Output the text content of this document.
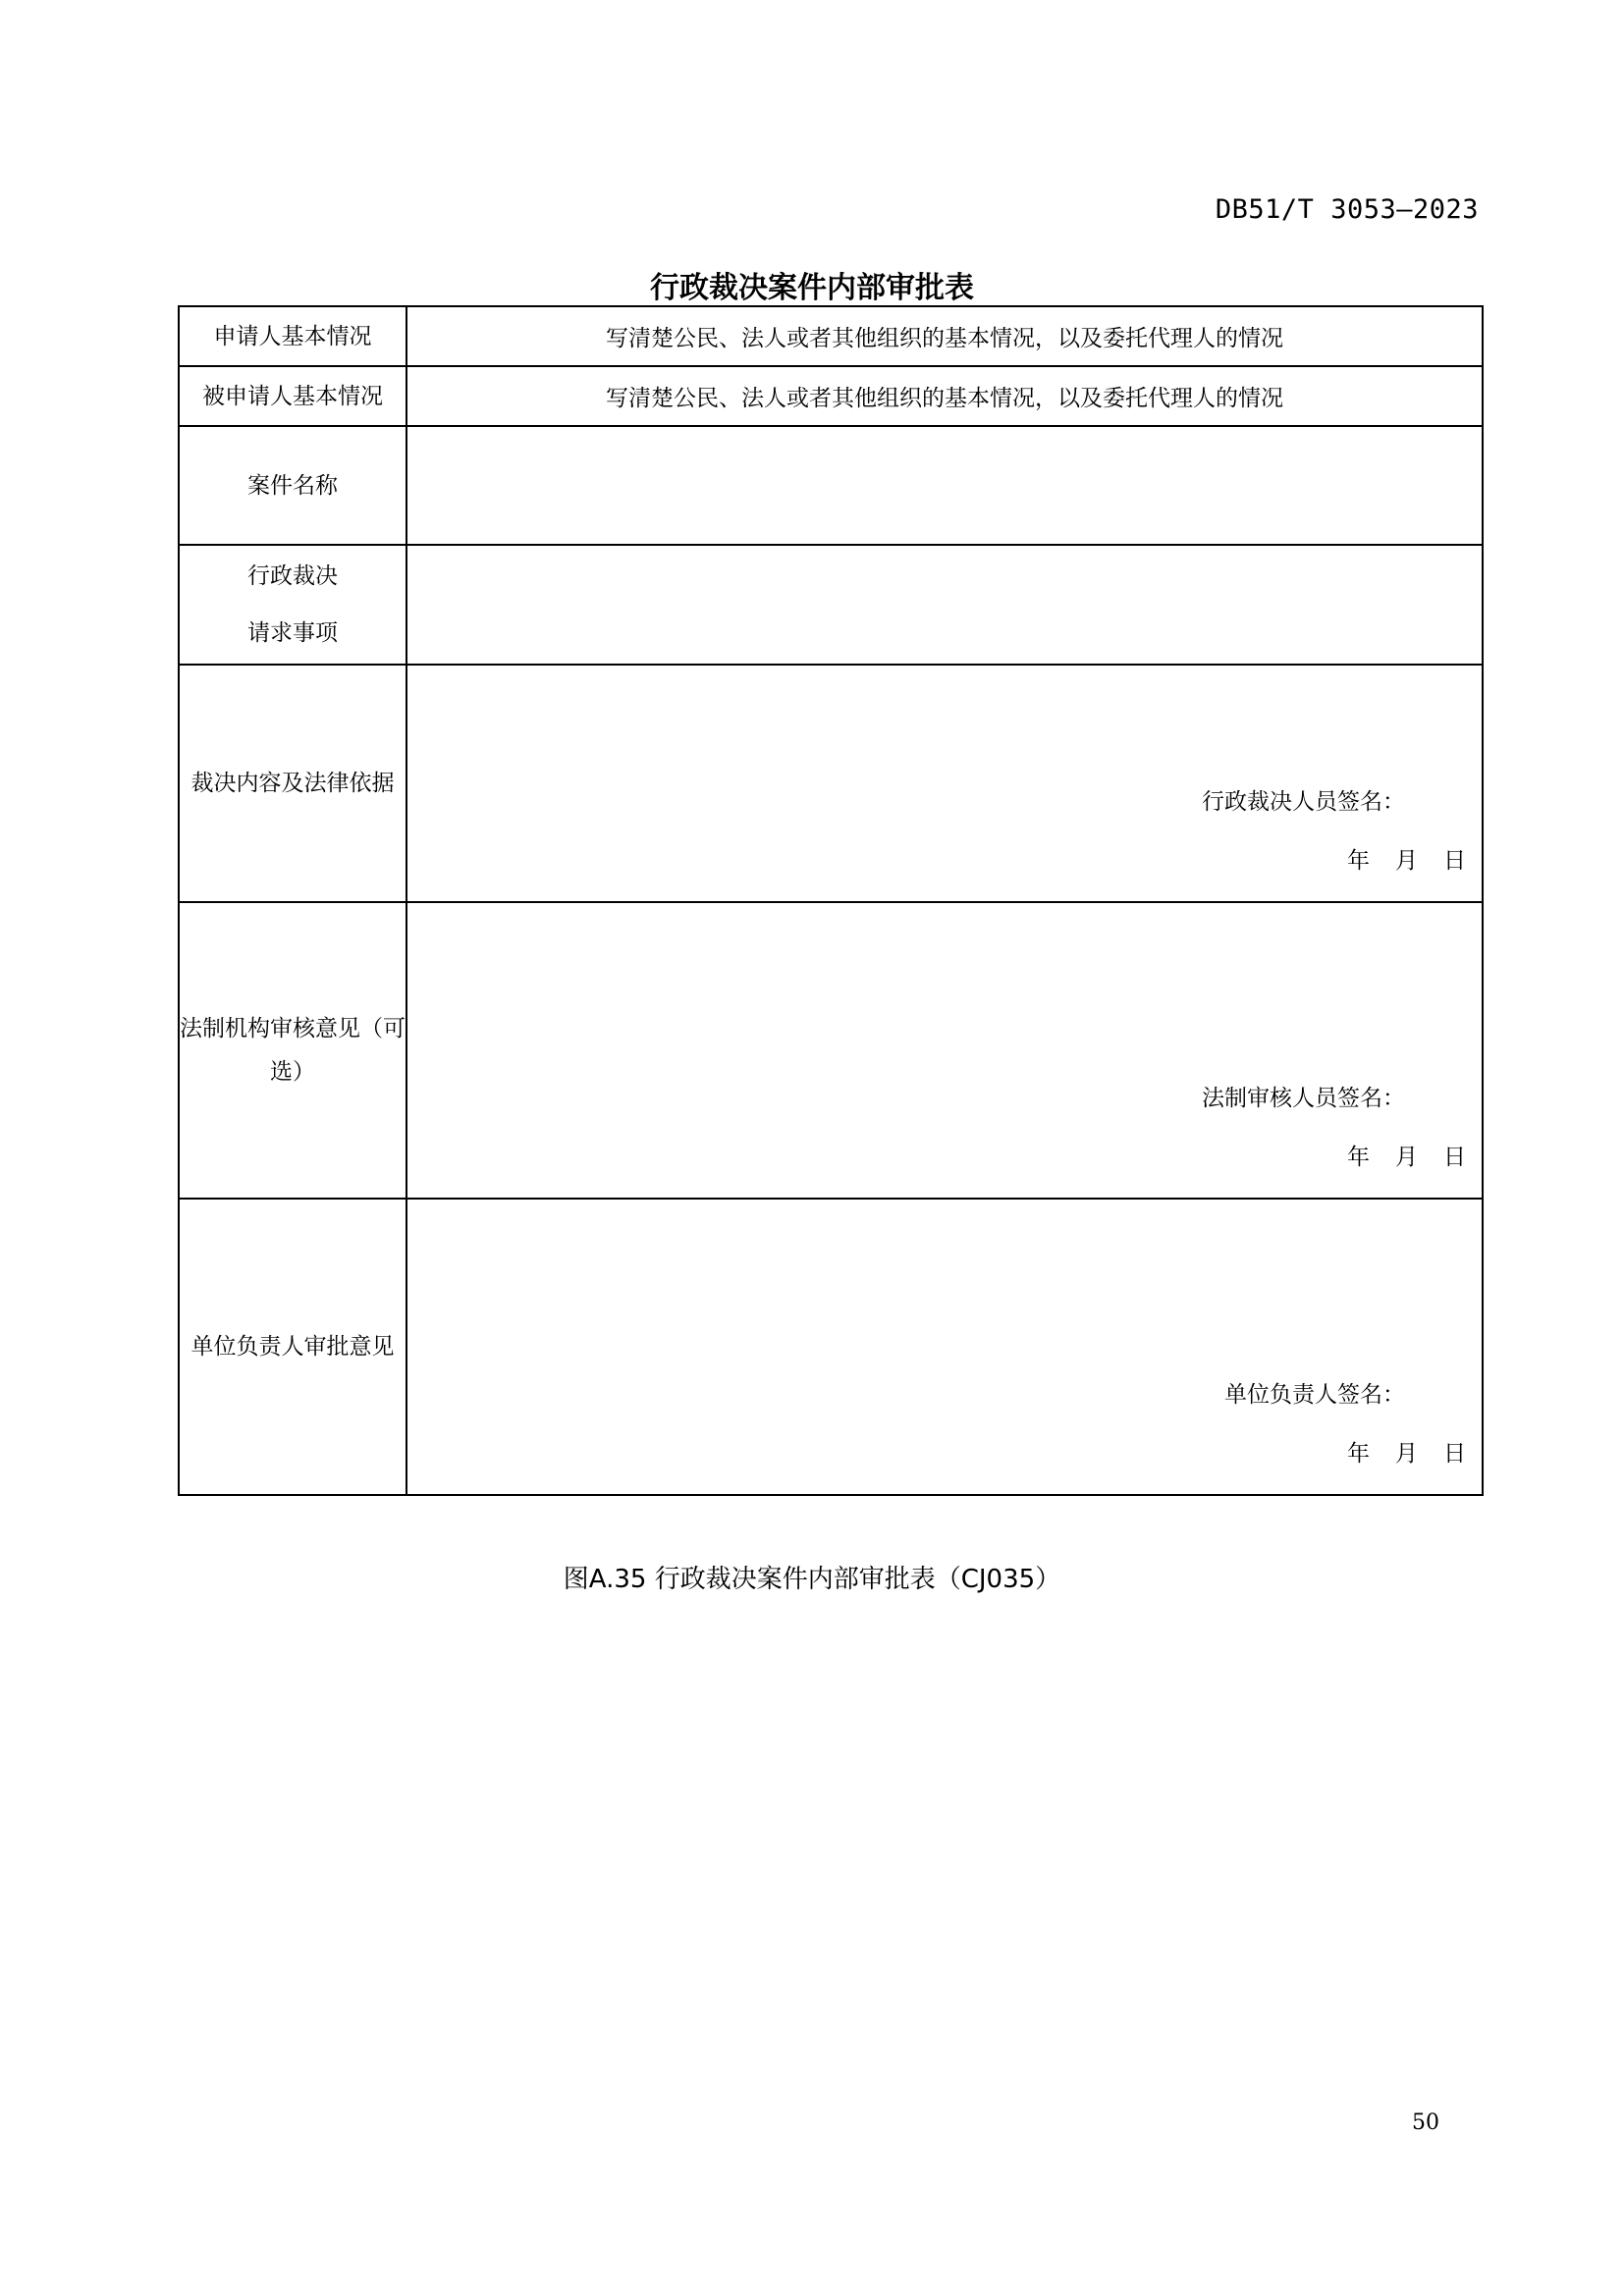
DB51/T 3053—2023
行政裁决案件内部审批表
申请人基本情况	写清楚公民、法人或者其他组织的基本情况，以及委托代理人的情况
被申请人基本情况	写清楚公民、法人或者其他组织的基本情况，以及委托代理人的情况
案件名称	

行政裁决
请求事项	

裁决内容及法律依据	行政裁决人员签名：
年 月 日

法制机构审核意见（可选）	法制审核人员签名：
年 月 日

单位负责人审批意见	单位负责人签名：
年 月 日
图A.35 行政裁决案件内部审批表（CJ035）
50
